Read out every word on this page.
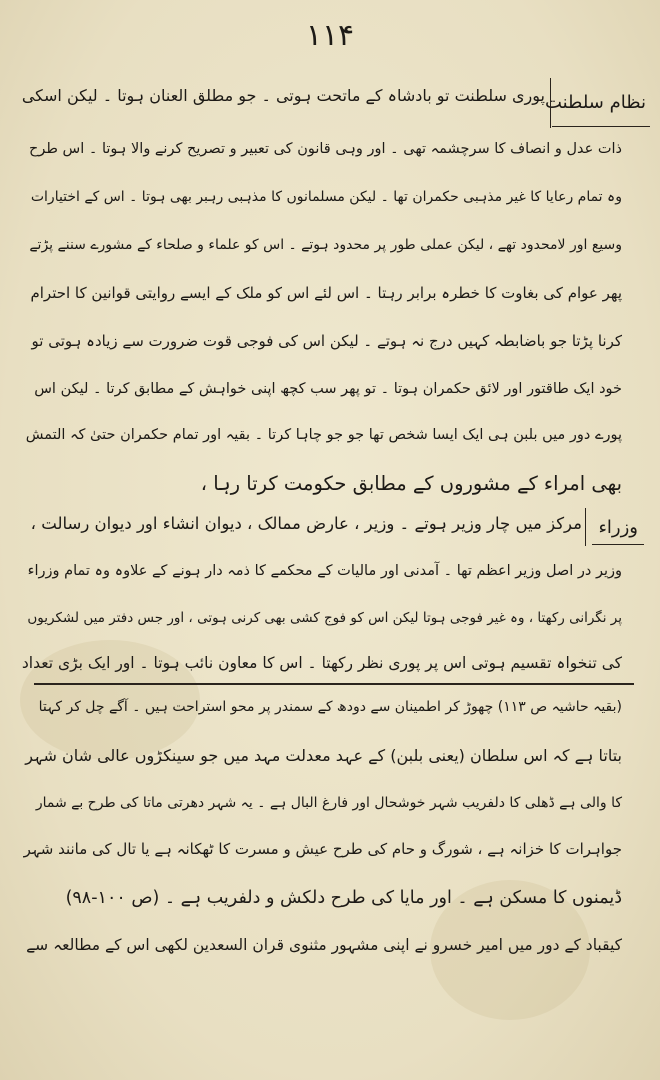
۱۱۴
نظام سلطنت
پوری سلطنت تو بادشاہ کے ماتحت ہوتی ۔ جو مطلق العنان ہوتا ۔ لیکن اسکی
ذات عدل و انصاف کا سرچشمہ تھی ۔ اور وہی قانون کی تعبیر و تصریح کرنے والا ہوتا ۔ اس طرح
وہ تمام رعایا کا غیر مذہبی حکمران تھا ۔ لیکن مسلمانوں کا مذہبی رہبر بھی ہوتا ۔ اس کے اختیارات
وسیع اور لامحدود تھے ، لیکن عملی طور پر محدود ہوتے ۔ اس کو علماء و صلحاء کے مشورے سننے پڑتے
پھر عوام کی بغاوت کا خطرہ برابر رہتا ۔ اس لئے اس کو ملک کے ایسے روایتی قوانین کا احترام
کرنا پڑتا جو باضابطہ کہیں درج نہ ہوتے ۔ لیکن اس کی فوجی قوت ضرورت سے زیادہ ہوتی تو
خود ایک طاقتور اور لائق حکمران ہوتا ۔ تو پھر سب کچھ اپنی خواہش کے مطابق کرتا ۔ لیکن اس
پورے دور میں بلبن ہی ایک ایسا شخص تھا جو جو چاہا کرتا ۔ بقیہ اور تمام حکمران حتیٰ کہ التمش
بھی امراء کے مشوروں کے مطابق حکومت کرتا رہا ،
وزراء
مرکز میں چار وزیر ہوتے ۔ وزیر ، عارض ممالک ، دیوان انشاء اور دیوان رسالت ،
وزیر در اصل وزیر اعظم تھا ۔ آمدنی اور مالیات کے محکمے کا ذمہ دار ہونے کے علاوہ وہ تمام وزراء
پر نگرانی رکھتا ، وہ غیر فوجی ہوتا لیکن اس کو فوج کشی بھی کرنی ہوتی ، اور جس دفتر میں لشکریوں
کی تنخواہ تقسیم ہوتی اس پر پوری نظر رکھتا ۔ اس کا معاون نائب ہوتا ۔ اور ایک بڑی تعداد
(بقیہ حاشیہ ص ۱۱۳) چھوڑ کر اطمینان سے دودھ کے سمندر پر محو استراحت ہیں ۔ آگے چل کر کہتا
بتاتا ہے کہ اس سلطان (یعنی بلبن) کے عہد معدلت مہد میں جو سینکڑوں عالی شان شہر
کا والی ہے ڈھلی کا دلفریب شہر خوشحال اور فارغ البال ہے ۔ یہ شہر دھرتی ماتا کی طرح بے شمار
جواہرات کا خزانہ ہے ، شورگ و حام کی طرح عیش و مسرت کا ٹھکانہ ہے یا تال کی مانند شہر
ڈیمنوں کا مسکن ہے ۔ اور مایا کی طرح دلکش و دلفریب ہے ۔ (ص ۱۰۰-۹۸)
کیقباد کے دور میں امیر خسرو نے اپنی مشہور مثنوی قران السعدین لکھی اس کے مطالعہ سے
